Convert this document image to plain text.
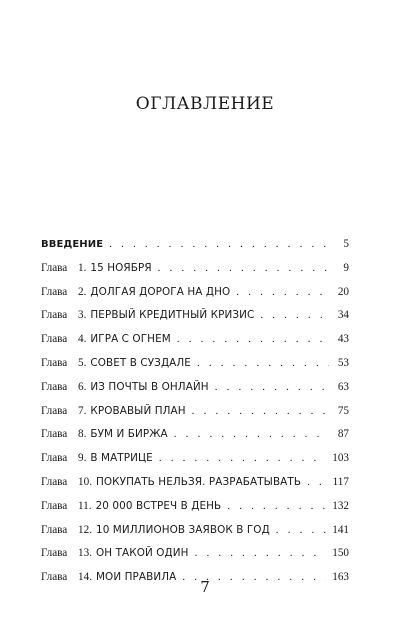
ОГЛАВЛЕНИЕ
ВВЕДЕНИЕ . . .	5
Глава 1. 15 НОЯБРЯ . . .	9
Глава 2. ДОЛГАЯ ДОРОГА НА ДНО . . .	20
Глава 3. ПЕРВЫЙ КРЕДИТНЫЙ КРИЗИС . . .	34
Глава 4. ИГРА С ОГНЕМ . . .	43
Глава 5. СОВЕТ В СУЗДАЛЕ . . .	53
Глава 6. ИЗ ПОЧТЫ В ОНЛАЙН . . .	63
Глава 7. КРОВАВЫЙ ПЛАН . . .	75
Глава 8. БУМ И БИРЖА . . .	87
Глава 9. В МАТРИЦЕ . . .	103
Глава 10. ПОКУПАТЬ НЕЛЬЗЯ. РАЗРАБАТЫВАТЬ . . .	117
Глава 11. 20 000 ВСТРЕЧ В ДЕНЬ . . .	132
Глава 12. 10 МИЛЛИОНОВ ЗАЯВОК В ГОД . . .	141
Глава 13. ОН ТАКОЙ ОДИН . . .	150
Глава 14. МОИ ПРАВИЛА . . .	163
7
